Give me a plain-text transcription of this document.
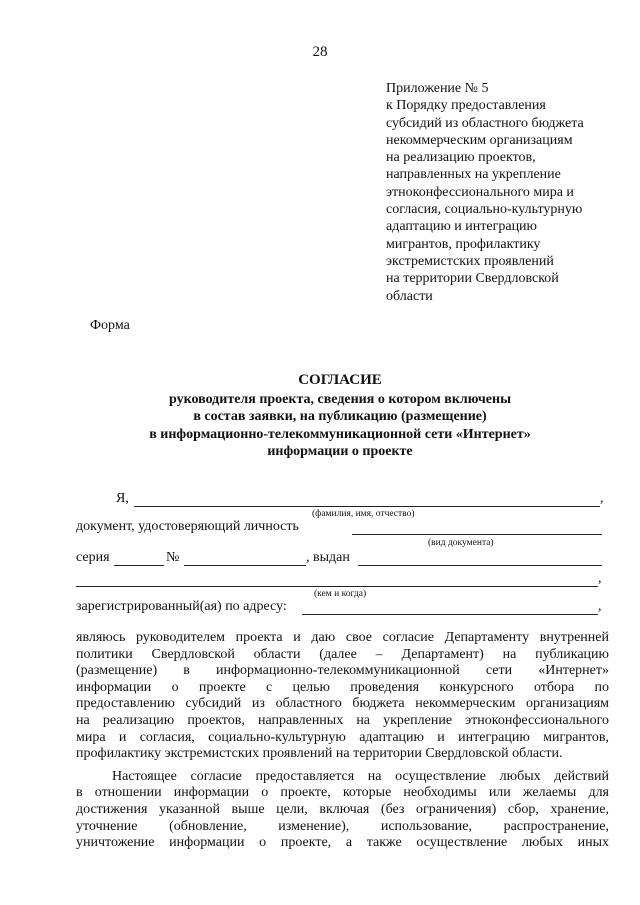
28
Приложение № 5
к Порядку предоставления
субсидий из областного бюджета
некоммерческим организациям
на реализацию проектов,
направленных на укрепление
этноконфессионального мира и
согласия, социально-культурную
адаптацию и интеграцию
мигрантов, профилактику
экстремистских проявлений
на территории Свердловской
области
Форма
СОГЛАСИЕ
руководителя проекта, сведения о котором включены
в состав заявки, на публикацию (размещение)
в информационно-телекоммуникационной сети «Интернет»
информации о проекте
Я,	,
(фамилия, имя, отчество)
документ, удостоверяющий личность
(вид документа)
серия	№	, выдан
,
(кем и когда)
зарегистрированный(ая) по адресу:	,

являюсь руководителем проекта и даю свое согласие Департаменту внутренней
политики Свердловской области (далее – Департамент) на публикацию
(размещение) в информационно-телекоммуникационной сети «Интернет»
информации о проекте с целью проведения конкурсного отбора по
предоставлению субсидий из областного бюджета некоммерческим организациям
на реализацию проектов, направленных на укрепление этноконфессионального
мира и согласия, социально-культурную адаптацию и интеграцию мигрантов,
профилактику экстремистских проявлений на территории Свердловской области.

Настоящее согласие предоставляется на осуществление любых действий
в отношении информации о проекте, которые необходимы или желаемы для
достижения указанной выше цели, включая (без ограничения) сбор, хранение,
уточнение (обновление, изменение), использование, распространение,
уничтожение информации о проекте, а также осуществление любых иных
